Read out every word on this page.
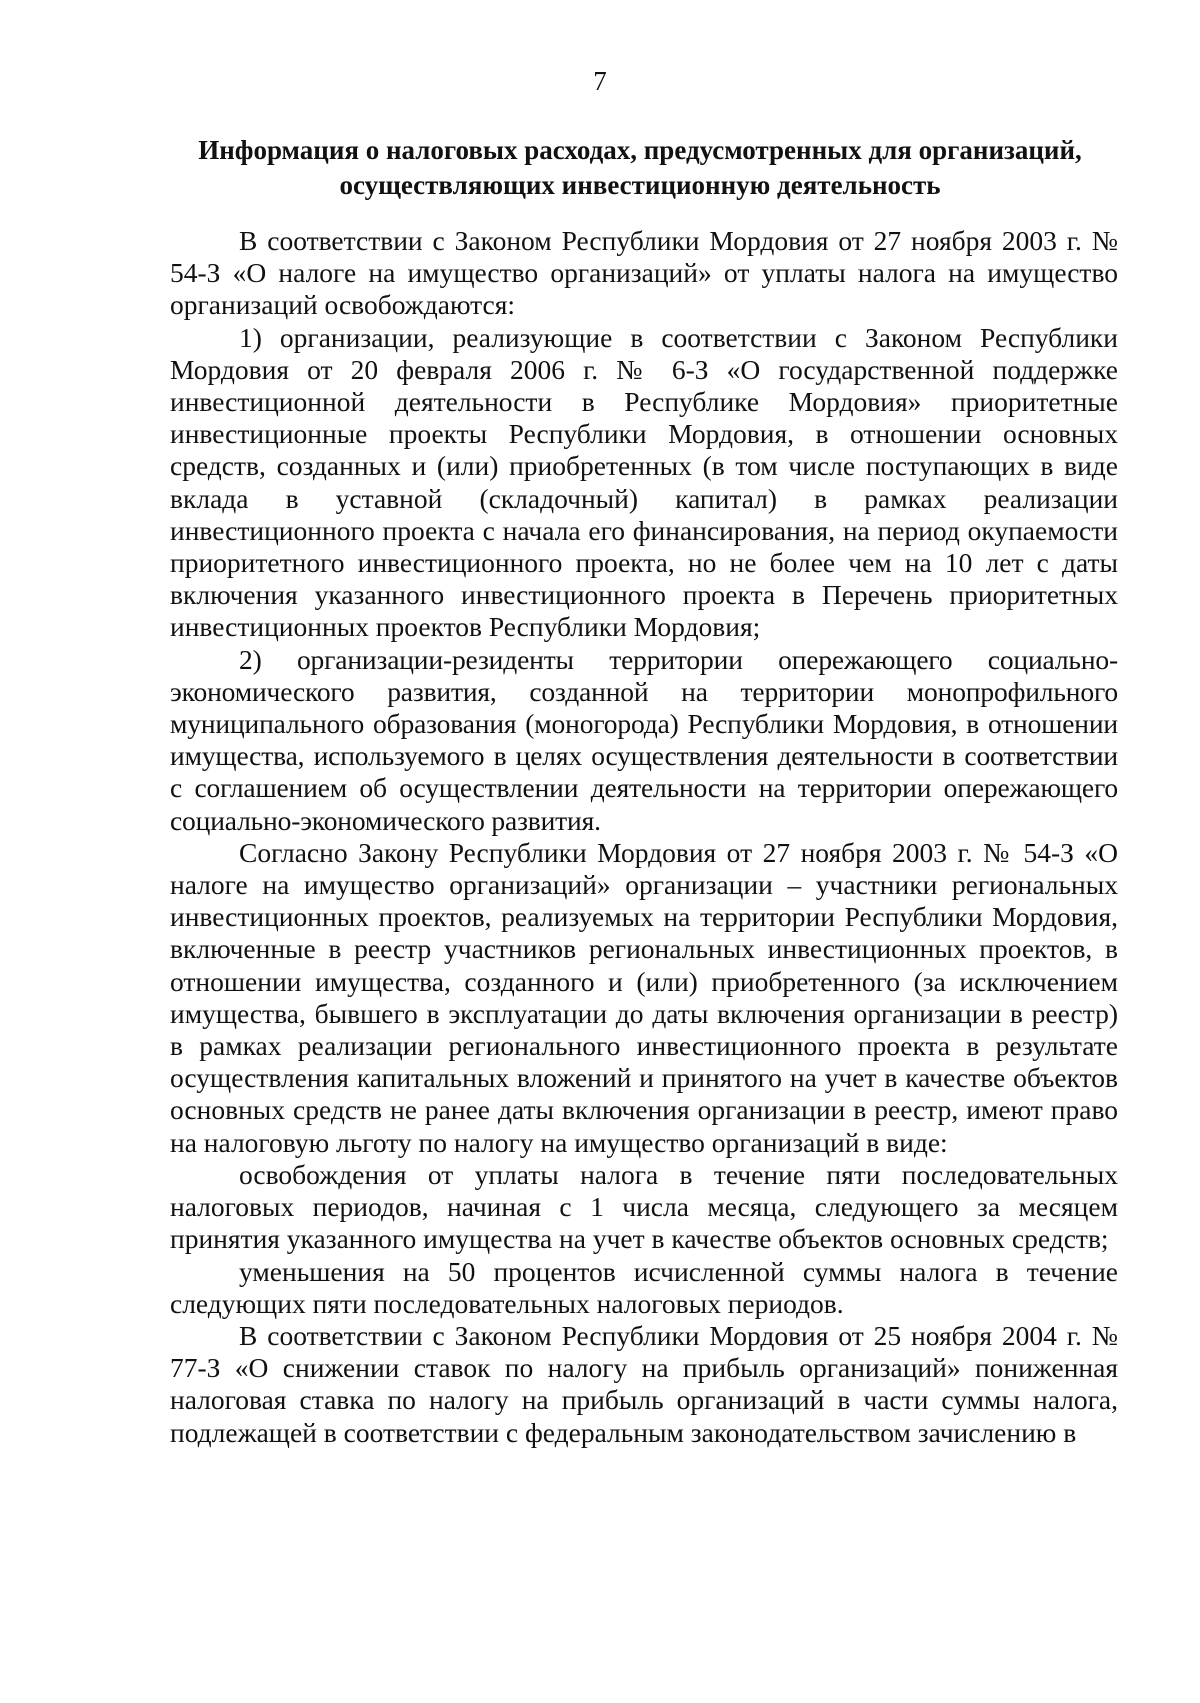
7
Информация о налоговых расходах, предусмотренных для организаций,
осуществляющих инвестиционную деятельность

В соответствии с Законом Республики Мордовия от 27 ноября 2003 г. № 54-З «О налоге на имущество организаций» от уплаты налога на имущество организаций освобождаются:

1) организации, реализующие в соответствии с Законом Республики Мордовия от 20 февраля 2006 г. № 6-З «О государственной поддержке инвестиционной деятельности в Республике Мордовия» приоритетные инвестиционные проекты Республики Мордовия, в отношении основных средств, созданных и (или) приобретенных (в том числе поступающих в виде вклада в уставной (складочный) капитал) в рамках реализации инвестиционного проекта с начала его финансирования, на период окупаемости приоритетного инвестиционного проекта, но не более чем на 10 лет с даты включения указанного инвестиционного проекта в Перечень приоритетных инвестиционных проектов Республики Мордовия;

2) организации-резиденты территории опережающего социально-экономического развития, созданной на территории монопрофильного муниципального образования (моногорода) Республики Мордовия, в отношении имущества, используемого в целях осуществления деятельности в соответствии с соглашением об осуществлении деятельности на территории опережающего социально-экономического развития.

Согласно Закону Республики Мордовия от 27 ноября 2003 г. № 54-З «О налоге на имущество организаций» организации – участники региональных инвестиционных проектов, реализуемых на территории Республики Мордовия, включенные в реестр участников региональных инвестиционных проектов, в отношении имущества, созданного и (или) приобретенного (за исключением имущества, бывшего в эксплуатации до даты включения организации в реестр) в рамках реализации регионального инвестиционного проекта в результате осуществления капитальных вложений и принятого на учет в качестве объектов основных средств не ранее даты включения организации в реестр, имеют право на налоговую льготу по налогу на имущество организаций в виде:

освобождения от уплаты налога в течение пяти последовательных налоговых периодов, начиная с 1 числа месяца, следующего за месяцем принятия указанного имущества на учет в качестве объектов основных средств;

уменьшения на 50 процентов исчисленной суммы налога в течение следующих пяти последовательных налоговых периодов.

В соответствии с Законом Республики Мордовия от 25 ноября 2004 г. № 77-З «О снижении ставок по налогу на прибыль организаций» пониженная налоговая ставка по налогу на прибыль организаций в части суммы налога, подлежащей в соответствии с федеральным законодательством зачислению в
